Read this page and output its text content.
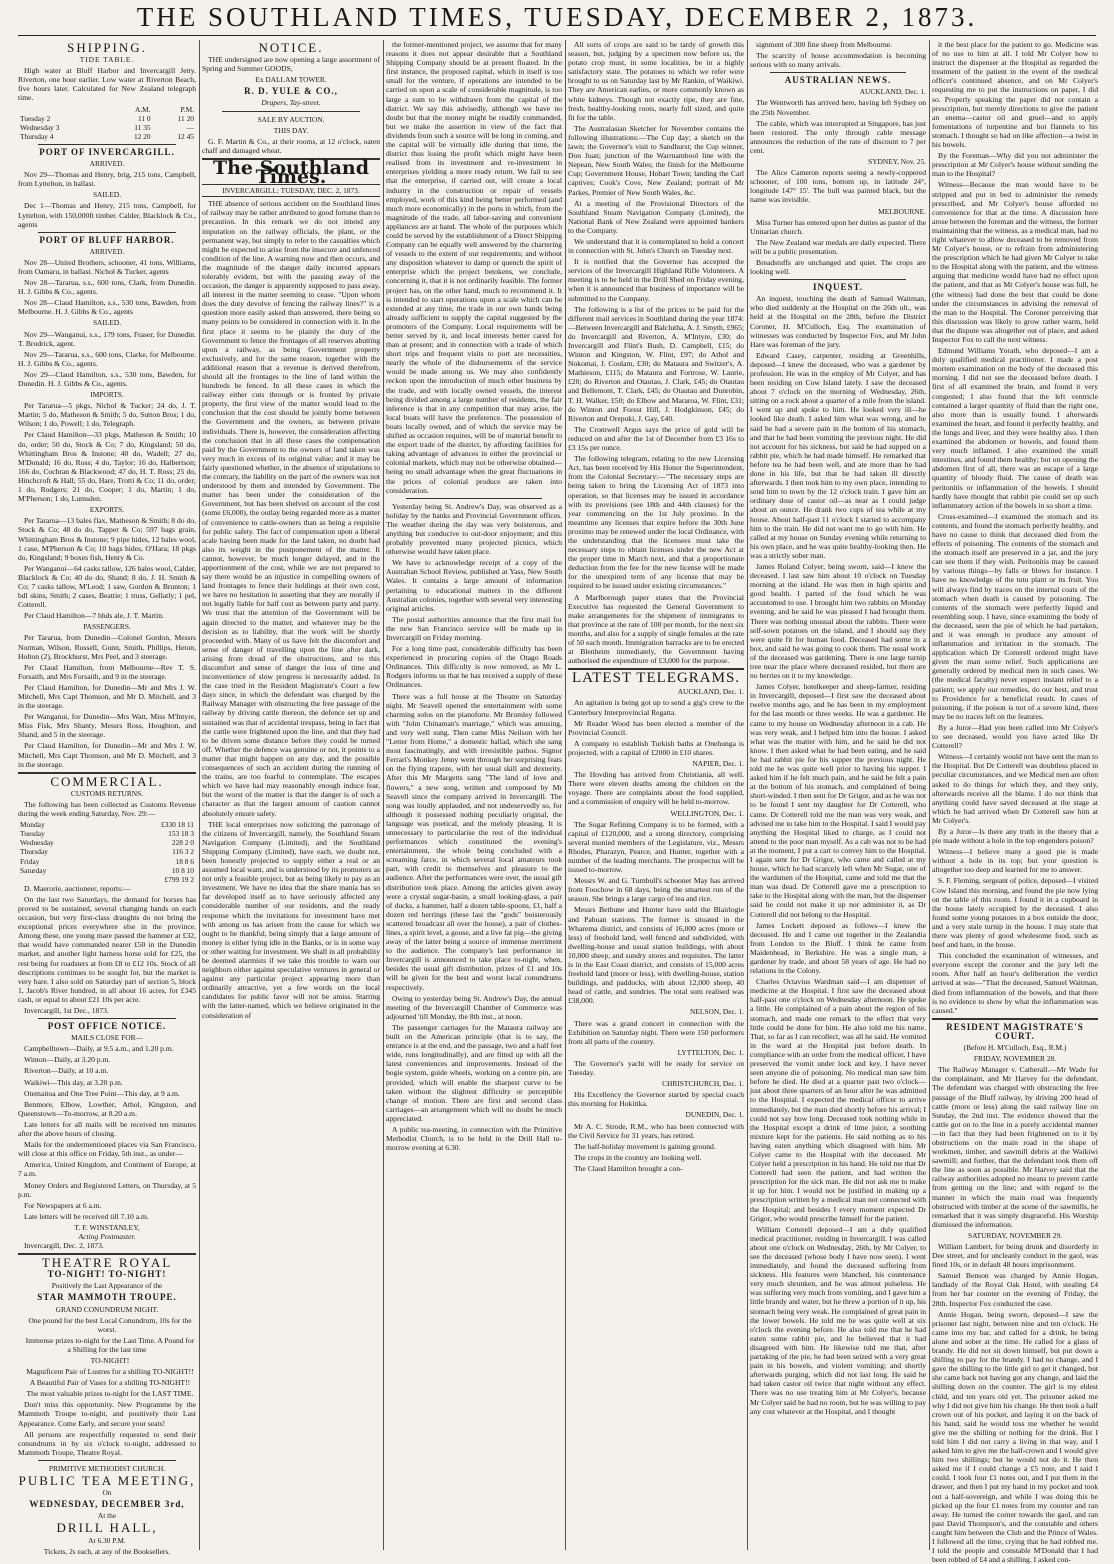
THE SOUTHLAND TIMES, TUESDAY, DECEMBER 2, 1873.
SHIPPING.
TIDE TABLE.

High water at Bluff Harbor and Invercargill Jetty. Riverton, one hour earlier. Low water at Riverton Beach, five hours later. Calculated for New Zealand telegraph time.

	A.M.	P.M.
Tuesday 2	11 0	11 20
Wednesday 3	11 35	—
Thursday 4	12 20	12 45
PORT OF INVERCARGILL.
ARRIVED.

Nov 29—Thomas and Henry, brig, 215 tons, Campbell, from Lyttelton, in ballast.

SAILED.

Dec 1—Thomas and Henry, 215 tons, Campbell, for Lyttelton, with 150,000ft timber. Calder, Blacklock & Co., agents

PORT OF BLUFF HARBOR.
ARRIVED.

Nov 28—United Brothers, schooner, 41 tons, Williams, from Oamaru, in ballast. Nichol & Tucker, agents

Nov 28—Tararua, s.s., 600 tons, Clark, from Dunedin. H. J. Gibbs & Co., agents.

Nov 28—Claud Hamilton, s.s., 530 tons, Bawden, from Melbourne. H. J. Gibbs & Co., agents

SAILED.

Nov 29—Wanganui, s.s., 179 tons, Fraser, for Dunedin. T. Brodrick, agent.

Nov 29—Tararua, s.s., 600 tons, Clarke, for Melbourne. H. J. Gibbs & Co., agents.

Nov 29—Claud Hamilton, s.s., 530 tons, Bawden, for Dunedin. H. J. Gibbs & Co., agents.

IMPORTS.

Per Tararua—5 pkgs, Nichol & Tucker; 24 do, J. T. Martin; 5 do, Matheson & Smith; 5 do, Sutton Bros; 1 do, Wilson; 1 do, Powell; 1 do, Telegraph.

Per Claud Hamilton—33 pkgs, Matheson & Smith; 10 do, order; 50 do, Stock & Co; 7 do, Kingsland; 50 do, Whittingham Bros & Instone; 40 do, Wadell; 27 do, M'Donald; 16 do, Ross; 4 do, Taylor; 16 do, Halbertson; 166 do, Cochran & Blackwood; 47 do, H. T. Ross; 25 do, Hinchcroft & Hall; 55 do, Hare, Trotti & Co; 11 do, order; 1 do, Rodgers; 21 do, Cooper; 1 do, Martin; 1 do, M'Pherson; 1 do, Lumsden.

EXPORTS.

Per Tararua—13 bales flax, Matheson & Smith; 8 do do, Stock & Co; 48 do do, Tapper & Co; 597 bags grain, Whittingham Bros & Instone; 9 pipe hides, 12 bales wool, 1 case, M'Pherson & Co; 10 bags hides, O'Hara; 18 pkgs do, Kingsland; 9 boxes fish, Henry & Co.

Per Wanganui—64 casks tallow, 126 bales wool, Calder, Blacklock & Co; 40 do do, Shand; 8 do, J. H. Smith & Co; 7 casks tallow, M'Leod; 1 saw, Gordon & Brunton; 1 bdl skins, Smith; 2 cases, Beattie; 1 truss, Gellatly; 1 pel, Cotterell.

Per Claud Hamilton—7 hhds ale, J. T. Martin.

PASSENGERS.

Per Tararua, from Dunedin—Colonel Gordon, Messrs Norman, Wilson, Russell, Gunn, Smith, Phillips, Heton, Holton (2), Brockhurst, Mrs Peel, and 3 steerage.

Per Claud Hamilton, from Melbourne—Rev T. S. Forsaith, and Mrs Forsaith, and 9 in the steerage.

Per Claud Hamilton, for Dunedin—Mr and Mrs J. W. Mitchell, Mrs Capt Thomson, and Mr D. Mitchell, and 3 in the steerage.

Per Wanganui, for Dunedin—Mrs Watt, Miss M'Intyre, Miss Fisk, Mrs Shanty, Messrs Ross, Houghton, and Shand, and 5 in the steerage.

Per Claud Hamilton, for Dunedin—Mr and Mrs J. W. Mitchell, Mrs Capt Thomson, and Mr D. Mitchell, and 3 in the steerage.

COMMERCIAL.
CUSTOMS RETURNS.

The following has been collected as Customs Revenue during the week ending Saturday, Nov. 29:—

Monday	£330 18 11
Tuesday	153 18 3
Wednesday	228 2 0
Thursday	116 3 2
Friday	18 8 6
Saturday	10 8 10
	£799 19 2

D. Maerorie, auctioneer, reports:—

On the last two Saturdays, the demand for horses has proved to be sustained, several changing hands on each occasion, but very first-class draughts do not bring the exceptional prices everywhere else in the province. Among these, one young mare passed the hammer at £32, that would have commanded nearer £50 in the Dunedin market, and another light harness horse sold for £25, the rest being for roadsters at from £8 to £12 10s. Stock of all descriptions continues to be sought for, but the market is very bare. I also sold on Saturday part of section 5, block 1, Jacob's River hundred, in all about 16 acres, for £345 cash, or equal to about £21 10s per acre.

Invercargill, 1st Dec., 1873.

POST OFFICE NOTICE.
MAILS CLOSE FOR—

Campbelltown—Daily, at 9.5 a.m., and 1.20 p.m.

Winton—Daily, at 3.20 p.m.

Riverton—Daily, at 10 a.m.

Waikiwi—This day, at 3.20 p.m.

Otemaitoa and One Tree Point—This day, at 9 a.m.

Benmore, Elbow, Lowther, Athol, Kingston, and Queenstown—To-morrow, at 8.20 a.m.

Late letters for all mails will be received ten minutes after the above hours of closing.

Mails for the undermentioned places via San Francisco, will close at this office on Friday, 5th inst., as under—

America, United Kingdom, and Continent of Europe, at 7 a.m.

Money Orders and Registered Letters, on Thursday, at 5 p.m.

For Newspapers at 6 a.m.

Late letters will be received till 7.10 a.m.

T. F. WINSTANLEY,
Acting Postmaster.

Invercargill, Dec. 2, 1873.

THEATRE ROYAL
TO-NIGHT! TO-NIGHT!
Positively the Last Appearance of the
STAR MAMMOTH TROUPE.
GRAND CONUNDRUM NIGHT.

One pound for the best Local Conundrum, 10s for the worst.

Immense prizes to-night for the Last Time. A Pound for a Shilling for the last time

TO-NIGHT!

Magnificent Pair of Lustres for a shilling TO-NIGHT!!

A Beautiful Pair of Vases for a shilling TO-NIGHT!!

The most valuable prizes to-night for the LAST TIME.

Don't miss this opportunity. New Programme by the Mammoth Troupe to-night, and positively their Last Appearance. Come Early, and secure your seats!

All persons are respectfully requested to send their conundrums in by six o'clock to-night, addressed to Mammoth Troupe, Theatre Royal.

PRIMITIVE METHODIST CHURCH.
PUBLIC TEA MEETING,
On
WEDNESDAY, DECEMBER 3rd,
At the
DRILL HALL,
At 6.30 P.M.
Tickets, 2s each, at any of the Booksellers.
NOTICE.

THE undersigned are now opening a large assortment of Spring and Summer GOODS,

Ex DALLAM TOWER.
R. D. YULE & CO.,
Drapers, Tay-street.
SALE BY AUCTION.
THIS DAY.

G. F. Martin & Co., at their rooms, at 12 o'clock, oaten chaff and damaged wheat.

The Southland Times.
INVERCARGILL: TUESDAY, DEC. 2, 1873.

THE absence of serious accident on the Southland lines of railway may be rather attributed to good fortune than to precaution. In this remark we do not intend any imputation on the railway officials, the plant, or the permanent way, but simply to refer to the casualties which might be expected to arise from the insecure and unfenced condition of the line. A warning now and then occurs, and the magnitude of the danger daily incurred appears tolerably evident, but with the passing away of the occasion, the danger is apparently supposed to pass away, all interest in the matter seeming to cease. "Upon whom does the duty devolve of fencing the railway lines?" is a question more easily asked than answered, there being so many points to be considered in connection with it. In the first place it seems to be plainly the duty of the Government to fence the frontages of all reserves abutting upon a railway, as being Government property exclusively, and for the same reason, together with the additional reason that a revenue is derived therefrom, should all the frontages to the line of land within the hundreds be fenced. In all these cases in which the railway either cuts through or is fronted by private property, the first view of the matter would lead to the conclusion that the cost should be jointly borne between the Government and the owners, as between private individuals. There is, however, the consideration affecting the conclusion that in all these cases the compensation paid by the Government to the owners of land taken was very much in excess of its original value; and it may be fairly questioned whether, in the absence of stipulations to the contrary, the liability on the part of the owners was not understood by them and intended by Government. The matter has been under the consideration of the Government, but has been shelved on account of the cost (some £6,000), the outlay being regarded more as a matter of convenience to cattle-owners than as being a requisite for public safety. The fact of compensation upon a liberal scale having been made for the land taken, no doubt had also its weight in the postponement of the matter. It cannot, however, be much longer delayed, and in the apportionment of the cost, while we are not prepared to say there would be an injustice in compelling owners of land frontages to fence their holdings at their own cost, we have no hesitation in asserting that they are morally if not legally liable for half cost as between party and party. We trust that the attention of the Government will be again directed to the matter, and whatever may be the decision as to liability, that the work will be shortly proceeded with. Many of us have felt the discomfort and sense of danger of travelling upon the line after dark, arising from dread of the obstructions, and to this discomfort and sense of danger the loss of time and inconvenience of slow progress is necessarily added. In the case tried in the Resident Magistrate's Court a few days since, in which the defendant was charged by the Railway Manager with obstructing the free passage of the railway by driving cattle thereon, the defence set up and sustained was that of accidental trespass, being in fact that the cattle were frightened upon the line, and that they had to be driven some distance before they could be turned off. Whether the defence was genuine or not, it points to a matter that might happen on any day, and the possible consequences of such an accident during the running of the trains, are too fearful to contemplate. The escapes which we have had may reasonably enough induce fear, but the worst of the matter is that the danger is of such a character as that the largest amount of caution cannot absolutely ensure safety.

THE local enterprises now soliciting the patronage of the citizens of Invercargill, namely, the Southland Steam Navigation Company (Limited), and the Southland Shipping Company (Limited), have each, we doubt not, been honestly projected to supply either a real or an assumed local want, and is understood by its promoters as not only a feasible project, but as being likely to pay as an investment. We have no idea that the share mania has so far developed itself as to have seriously affected any considerable number of our residents, and the ready response which the invitations for investment have met with among us has arisen from the cause for which we ought to be thankful, being simply that a large amount of money is either lying idle in the Banks, or is in some way or other waiting for investment. We shall in all probability be deemed alarmists if we take this trouble to warn our neighbors either against speculative ventures in general or against any particular project appearing more than ordinarily attractive, yet a few words on the local candidates for public favor will not be amiss. Starting with the latter-named, which we believe originated in the consideration of

the former-mentioned project, we assume that for many reasons it does not appear desirable that a Southland Shipping Company should be at present floated. In the first instance, the proposed capital, which in itself is too small for the venture, if operations are intended to be carried on upon a scale of considerable magnitude, is too large a sum to be withdrawn from the capital of the district. We say this advisedly, although we have no doubt but that the money might be readily commanded, but we make the assertion in view of the fact that dividends from such a source will be long in coming, and the capital will be virtually idle during that time, the district thus losing the profit which might have been realised from its investment and re-investment in enterprises yielding a more ready return. We fail to see that the enterprise, if carried out, will create a local industry in the construction or repair of vessels employed, work of this kind being better performed (and much more economically) in the ports in which, from the magnitude of the trade, all labor-saving and convenient appliances are at hand. The whole of the purposes which could be served by the establishment of a Direct Shipping Company can be equally well answered by the chartering of vessels to the extent of our requirements; and without any disposition whatever to damp or quench the spirit of enterprise which the project betokens, we conclude, concerning it, that it is not ordinarily feasible. The former project has, on the other hand, much to recommend it. It is intended to start operations upon a scale which can be extended at any time, the trade in our own hands being already sufficient to supply the capital suggested by the promoters of the Company. Local requirements will be better served by it, and local interests better cared for than at present; and in connection with a trade of which short trips and frequent visits to port are necessities, nearly the whole of the disbursements of the service would be made among us. We may also confidently reckon upon the introduction of much other business by the trade, and with locally owned vessels, the interest being divided among a large number of residents, the fair inference is that in any competition that may arise, the local boats will have the preference. The possession of boats locally owned, and of which the service may be shifted as occasion requires, will be of material benefit to the export trade of the district, by affording facilities for taking advantage of advances in either the provincial or colonial markets, which may not be otherwise obtained—being no small advantage when the great fluctuations in the prices of colonial produce are taken into consideration.

Yesterday being St. Andrew's Day, was observed as a holiday by the banks and Provincial Government offices. The weather during the day was very boisterous, and anything but conducive to out-door enjoyment; and this probably prevented many projected picnics, which otherwise would have taken place.

We have to acknowledge receipt of a copy of the Australian School Review, published at Yass, New South Wales. It contains a large amount of information pertaining to educational matters in the different Australian colonies, together with several very interesting original articles.

The postal authorities announce that the first mail for the new San Francisco service will be made up in Invercargill on Friday morning.

For a long time past, considerable difficulty has been experienced in procuring copies of the Otago Roads Ordinances. This difficulty is now removed, as Mr L. Rodgers informs us that he has received a supply of these Ordinances.

There was a full house at the Theatre on Saturday night. Mr Seavell opened the entertainment with some charming solos on the pianoforte. Mr Bromley followed with "John Chinaman's marriage," which was amusing, and very well sung. Then came Miss Neilson with her "Letter from Home," a domestic ballad, which she sang most fascinatingly, and with irresistible pathos. Signor Ferrari's Monkey Jenny went through her surprising feats on the flying trapeze, with her usual skill and dexterity. After this Mr Margetts sang "The land of love and flowers," a new song, written and composed by Mr Seavell since the company arrived in Invercargill. The song was loudly applauded, and not undeservedly so, for although it possessed nothing peculiarly original, the language was poetical, and the melody pleasing. It is unnecessary to particularise the rest of the individual performances which constituted the evening's entertainment, the whole being concluded with a screaming farce, in which several local amateurs took part, with credit to themselves and pleasure to the audience. After the performances were over, the usual gift distribution took place. Among the articles given away were a crystal sugar-basin, a small looking-glass, a pair of ducks, a hammer, half a dozen table-spoons, £1, half a dozen red herrings (these last the "gods" boisterously scattered broadcast all over the house), a pair of clothes-lines, a spirit level, a goose, and a live fat pig—the giving away of the latter being a source of immense merriment to the audience. The company's last performance in Invercargill is announced to take place to-night, when, besides the usual gift distribution, prizes of £1 and 10s will be given for the best and worst local conundrums respectively.

Owing to yesterday being St. Andrew's Day, the annual meeting of the Invercargill Chamber of Commerce was adjourned 'till Monday, the 8th inst., at noon.

The passenger carriages for the Mataura railway are built on the American principle (that is to say, the entrance is at the end, and the passage, two and a half feet wide, runs longitudinally), and are fitted up with all the latest conveniences and improvements. Instead of the bogie system, guide wheels, working on a centre pin, are provided, which will enable the sharpest curve to be taken without the slightest difficulty or perceptible change of motion. There are first and second class carriages—an arrangement which will no doubt be much appreciated.

A public tea-meeting, in connection with the Primitive Methodist Church, is to be held in the Drill Hall to-morrow evening at 6.30.

All sorts of crops are said to be tardy of growth this season, but, judging by a specimen now before us, the potato crop must, in some localities, be in a highly satisfactory state. The potatoes to which we refer were brought to us on Saturday last by Mr Rankin, of Waikiwi. They are American earlies, or more commonly known as white kidneys. Though not exactly ripe, they are fine, fresh, healthy-looking roots, nearly full sized, and quite fit for the table.

The Australasian Sketcher for November contains the following illustrations:—The Cup day; a sketch on the lawn; the Governor's visit to Sandhurst; the Cup winner, Don Juan; junction of the Warrnambool line with the Nepean, New South Wales; the finish for the Melbourne Cup; Government House, Hobart Town; landing the Carl captives; Cook's Cove, New Zealand; portrait of Mr Parkes, Premier of New South Wales, &c.

At a meeting of the Provisional Directors of the Southland Steam Navigation Company (Limited), the National Bank of New Zealand were appointed bankers to the Company.

We understand that it is contemplated to hold a concert in connection with St. John's Church on Tuesday next.

It is notified that the Governor has accepted the services of the Invercargill Highland Rifle Volunteers. A meeting is to be held in the Drill Shed on Friday evening, when it is announced that business of importance will be submitted to the Company.

The following is a list of the prices to be paid for the different mail services in Southland during the year 1874:—Between Invercargill and Balclutha, A. J. Smyth, £965; do Invercargill and Riverton, A. M'Intyre, £30; do Invercargill and Flint's Bush, D. Campbell, £15; do Winton and Kingston, W. Flint, £97; do Athol and Nokomai, J. Coulam, £30; do Mataura and Switzer's, A. Mathieson, £115; do Mataura and Fortrose, W. Laurie, £20; do Riverton and Otautau, J. Clark, £45; do Otautau and Bellemont, T. Clark, £45; do Otautau and Dunrobin, T. H. Walker, £50; do Elbow and Mararoa, W. Flint, £31; do Winton and Forest Hill, J. Hodgkinson, £45; do Riverton and Orepuki, J. Gay, £40.

The Cromwell Argus says the price of gold will be reduced on and after the 1st of December from £3 16s to £3 15s per ounce.

The following telegram, relating to the new Licensing Act, has been received by His Honor the Superintendent, from the Colonial Secretary:—"The necessary steps are being taken to bring the Licensing Act of 1873 into operation, so that licenses may be issued in accordance with its provisions (see 18th and 44th clauses) for the year commencing on the 1st July proximo. In the meantime any licenses that expire before the 30th June proximo may be renewed under the local Ordinance, with the understanding that the licensees must take the necessary steps to obtain licenses under the new Act at the proper time in March next, and that a proportionate deduction from the fee for the new license will be made for the unexpired term of any license that may be required to be issued under existing circumstances."

A Marlborough paper states that the Provincial Executive has requested the General Government to make arrangements for the shipment of immigrants to that province at the rate of 100 per month, for the next six months, and also for a supply of single females at the rate of 50 each month. Immigration barracks are to be erected at Blenheim immediately, the Government having authorised the expenditure of £3,000 for the purpose.

LATEST TELEGRAMS.
AUCKLAND, Dec. 1.

An agitation is being got up to send a gig's crew to the Canterbury Interprovincial Regatta.

Mr Reader Wood has been elected a member of the Provincial Council.

A company to establish Turkish baths at Onehunga is projected, with a capital of £2000 in £10 shares.

NAPIER, Dec. 1.

The Hovding has arrived from Christiania, all well. There were eleven deaths among the children on the voyage. There are complaints about the food supplied, and a commission of enquiry will be held to-morrow.

WELLINGTON, Dec. 1.

The Sugar Refining Company is to be formed, with a capital of £120,000, and a strong directory, comprising several monied members of the Legislature, viz., Messrs Rhodes, Pharazyn, Pearce, and Hunter, together with a number of the leading merchants. The prospectus will be issued to-morrow.

Messrs W. and G. Turnbull's schooner May has arrived from Foochow in 68 days, being the smartest run of the season. She brings a large cargo of tea and rice.

Messrs Bethune and Hunter have sold the Blairlogie and Pahuan stations. The former is situated in the Wharema district, and consists of 16,000 acres (more or less) of freehold land, well fenced and subdivided, with dwelling-house and usual station buildings, with about 10,000 sheep, and sundry stores and requisites. The latter is in the East Coast district, and consists of 15,000 acres freehold land (more or less), with dwelling-house, station buildings, and paddocks, with about 12,000 sheep, 40 head of cattle, and sundries. The total sum realised was £38,000.

NELSON, Dec. 1.

There was a grand concert in connection with the Exhibition on Saturday night. There were 150 performers from all parts of the country.

LYTTELTON, Dec. 1.

The Governor's yacht will be ready for service on Tuesday.

CHRISTCHURCH, Dec. 1.

His Excellency the Governor started by special coach this morning for Hokitika.

DUNEDIN, Dec. 1.

Mr A. C. Strode, R.M., who has been connected with the Civil Service for 31 years, has retired.

The half-holiday movement is gaining ground.

The crops in the country are looking well.

The Claud Hamilton brought a con-

signment of 300 fine sheep from Melbourne.

The scarcity of house accommodation is becoming serious with so many arrivals.

AUSTRALIAN NEWS.
AUCKLAND, Dec. 1.

The Wentworth has arrived here, having left Sydney on the 25th November.

The cable, which was interrupted at Singapore, has just been restored. The only through cable message announces the reduction of the rate of discount to 7 per cent.

SYDNEY, Nov. 25.

The Alice Cameron reports seeing a newly-coppered schooner, of 100 tons, bottom up, in latitude 24°, longitude 147° 15'. The hull was painted black, but the name was invisible.

MELBOURNE.

Miss Turner has entered upon her duties as pastor of the Unitarian church.

The New Zealand war medals are daily expected. There will be a public presentation.

Breadstuffs are unchanged and quiet. The crops are looking well.

INQUEST.

An inquest, touching the death of Samuel Waitman, who died suddenly at the Hospital on the 26th ult., was held at the Hospital on the 28th, before the District Coroner, H. M'Culloch, Esq. The examination of witnesses was conducted by Inspector Fox, and Mr John Hare was foreman of the jury.

Edward Casey, carpenter, residing at Greenhills, deposed—I knew the deceased, who was a gardener by profession. He was in the employ of Mr Colyer, and has been residing on Cow Island lately. I saw the deceased about 7 o'clock on the morning of Wednesday, 26th, sitting on a rock about a quarter of a mile from the island. I went up and spoke to him. He looked very ill—he looked like death. I asked him what was wrong, and he said he had a severe pain in the bottom of his stomach, and that he had been vomiting the previous night. He did not account for his sickness, but said he had supped on a rabbit pie, which he had made himself. He remarked that before tea he had been well, and ate more than he had done in his life, but that he had taken ill directly afterwards. I then took him to my own place, intending to send him to town by the 12 o'clock train. I gave him an ordinary dose of castor oil—as near as I could judge about an ounce. He drank two cups of tea while at my house. About half-past 11 o'clock I started to accompany him to the train. He did not want me to go with him. He called at my house on Sunday evening while returning to his own place, and he was quite healthy-looking then. He was a strictly sober man.

James Roland Colyer, being sworn, said—I knew the deceased. I last saw him about 10 o'clock on Tuesday morning at the island. He was then in high spirits and good health. I parted of the food which he was accustomed to use. I brought him two rabbits on Monday evening, and he said he was pleased I had brought them. There was nothing unusual about the rabbits. There were self-sown potatoes on the island, and I should say they were quite fit for human food. Deceased had some in a box, and said he was going to cook them. The usual work of the deceased was gardening. There is one large turnip tree near the place where deceased resided, but there are no berries on it to my knowledge.

James Colyer, hotelkeeper and sheep-farmer, residing in Invercargill, deposed—I first saw the deceased about twelve months ago, and he has been in my employment for the last month or three weeks. He was a gardener. He came to my house on Wednesday afternoon in a cab. He was very weak, and I helped him into the house. I asked what was the matter with him, and he said he did not know. I then asked what he had been eating, and he said he had rabbit pie for his supper the previous night. He told me he was quite well prior to having his supper. I asked him if he felt much pain, and he said he felt a pain at the bottom of his stomach, and complained of being short-winded. I then sent for Dr Grigor, and as he was not to be found I sent my daughter for Dr Cotterell, who came. Dr Cotterell told me the man was very weak, and advised me to take him to the Hospital. I said I would pay anything the Hospital liked to charge, as I could not attend to the poor man myself. As a cab was not to be had at the moment, I put a cart to convey him to the Hospital. I again sent for Dr Grigor, who came and called at my house, which he had scarcely left when Mr Sugar, one of the wardsmen of the Hospital, came and told me that the man was dead. Dr Cotterell gave me a prescription to take to the Hospital along with the man, but the dispenser said he could not make it up nor administer it, as Dr Cotterell did not belong to the Hospital.

James Lockett deposed as follows—I knew the deceased. He and I came out together in the Zealandia from London to the Bluff. I think he came from Maidenhead, in Berkshire. He was a single man, a gardener by trade, and about 58 years of age. He had no relations in the Colony.

Charles Octavius Wardman said—I am dispenser of medicine at the Hospital. I first saw the deceased about half-past one o'clock on Wednesday afternoon. He spoke a little. He complained of a pain about the region of his stomach, and made one remark to the effect that very little could be done for him. He also told me his name. That, so far as I can recollect, was all he said. He vomited in the ward at the Hospital just before death. In compliance with an order from the medical officer, I have preserved the vomit under lock and key. I have never seen anyone die of poisoning. No medical man saw him before he died. He died at a quarter past two o'clock—just about three quarters of an hour after he was admitted to the Hospital. I expected the medical officer to arrive immediately, but the man died shortly before his arrival; I could not say how long. Deceased took nothing while in the Hospital except a drink of lime juice, a soothing mixture kept for the patients. He said nothing as to his having eaten anything which disagreed with him. Mr Colyer came to the Hospital with the deceased. Mr Colyer held a prescription in his hand. He told me that Dr Cotterell had seen the patient, and had written the prescription for the sick man. He did not ask me to make it up for him. I would not be justified in making up a prescription written by a medical man not connected with the Hospital; and besides I every moment expected Dr Grigor, who would prescribe himself for the patient.

William Cotterell deposed—I am a duly qualified medical practitioner, residing in Invercargill. I was called about one o'clock on Wednesday, 26th, by Mr Colyer, to see the deceased (whose body I have now seen). I went immediately, and found the deceased suffering from sickness. His features were blanched, his countenance very much shrunken, and he was almost pulseless. He was suffering very much from vomiting, and I gave him a little brandy and water, but he threw a portion of it up, his stomach being very weak. He complained of great pain in the lower bowels. He told me he was quite well at six o'clock the evening before. He also told me that he had eaten some rabbit pie, and he believed that it had disagreed with him. He likewise told me that, after partaking of the pie, he had been seized with a very great pain in his bowels, and violent vomiting; and shortly afterwards purging, which did not last long. He said he had taken castor oil twice that night without any effect. There was no use treating him at Mr Colyer's, because Mr Colyer said he had no room, but he was willing to pay any cost whatever at the Hospital, and I thought

it the best place for the patient to go. Medicine was of no use to him at all. I told Mr Colyer how to instruct the dispenser at the Hospital as regarded the treatment of the patient in the event of the medical officer's continued absence, and on Mr Colyer's requesting me to put the instructions on paper, I did so. Properly speaking the paper did not contain a prescription, but merely directions to give the patient an enema—castor oil and gruel—and to apply fomentations of turpentine and hot flannels to his stomach. I thought so bad on like affection—a twist in his bowels.

By the Foreman—Why did you not administer the prescription at Mr Colyer's house without sending the man to the Hospital?

Witness—Because the man would have to be stripped and put in bed to administer the remedy prescribed, and Mr Colyer's house afforded no convenience for that at the time. A discussion here arose between the foreman and the witness, the former maintaining that the witness, as a medical man, had no right whatever to allow deceased to be removed from Mr Colyer's house, or to refrain from administering the prescription which he had given Mr Colyer to take to the Hospital along with the patient, and the witness arguing that medicine would have had no effect upon the patient, and that as Mr Colyer's house was full, he (the witness) had done the best that could be done under the circumstances in advising the removal of the man to the Hospital. The Coroner perceiving that this discussion was likely to grow rather warm, held that the dispute was altogether out of place, and asked Inspector Fox to call the next witness.

Edmund Williams Yorath, who deposed—I am a duly qualified medical practitioner. I made a post mortem examination on the body of the deceased this morning. I did not see the deceased before death. I first of all examined the brain, and found it very congested; I also found that the left ventricle contained a larger quantity of fluid than the right one, also more than is usually found. I afterwards examined the heart, and found it perfectly healthy, and the lungs and liver, and they were healthy also. I then examined the abdomen or bowels, and found them very much inflamed. I also examined the small intestines, and found them healthy; but on opening the abdomen first of all, there was an escape of a large quantity of bloody fluid. The cause of death was peritonitis or inflammation of the bowels. I should hardly have thought that rabbit pie could set up such inflammatory action of the bowels in so short a time.

Cross-examined—I examined the stomach and its contents, and found the stomach perfectly healthy, and have no cause to think that deceased died from the effects of poisoning. The contents of the stomach and the stomach itself are preserved in a jar, and the jury can see them if they wish. Peritonitis may be caused by various things—by falls or blows for instance. I have no knowledge of the tutu plant or its fruit. You will always find by traces on the internal coats of the stomach when death is caused by poisoning. The contents of the stomach were perfectly liquid and resembling soup. I have, since examining the body of the deceased, seen the pie of which he had partaken, and it was enough to produce any amount of inflammation and irritation in the stomach. The application which Dr Cotterell ordered might have given the man some relief. Such applications are generally ordered by medical men in such cases. We (the medical faculty) never expect instant relief to a patient; we apply our remedies, do our best, and trust to Providence for a beneficial result. In cases of poisoning, if the poison is not of a severe kind, there may be no traces left on the features.

By a Juror—Had you been called into Mr Colyer's to see deceased, would you have acted like Dr Cotterell?

Witness—I certainly would not have sent the man to the Hospital. But Dr Cotterell was doubtless placed in peculiar circumstances, and we Medical men are often asked to do things for which they, and they only, afterwards receive all the blame. I do not think that anything could have saved deceased at the stage at which he had arrived when Dr Cotterell saw him at Mr Colyer's.

By a Juror—Is there any truth in the theory that a pie made without a hole in the top engenders poison?

Witness—I believe many a good pie is made without a hole in its top; but your question is altogether too deep and learned for me to answer.

S. F. Fleming, sergeant of police, deposed—I visited Cow Island this morning, and found the pie now lying on the table of this room. I found it in a cupboard in the house lately occupied by the deceased. I also found some young potatoes in a box outside the door, and a very stale turnip in the house. I may state that there was plenty of good wholesome food, such as beef and ham, in the house.

This concluded the examination of witnesses, and everyone except the coroner and the jury left the room. After half an hour's deliberation the verdict arrived at was—"That the deceased, Samuel Waitman, died from inflammation of the bowels, and that there is no evidence to show by what the inflammation was caused."

RESIDENT MAGISTRATE'S COURT.
(Before H. M'Culloch, Esq., R.M.)
FRIDAY, NOVEMBER 28.

The Railway Manager v. Catherall.—Mr Wade for the complainant, and Mr Harvey for the defendant. The defendant was charged with obstructing the free passage of the Bluff railway, by driving 200 head of cattle (more or less) along the said railway line on Sunday, the 2nd inst. The evidence showed that the cattle got on to the line in a purely accidental manner—in fact that they had been frightened on to it by obstructions on the main road in the shape of workmen, timber, and sawmill debris at the Waikiwi sawmill; and further, that the defendant took them off the line as soon as possible. Mr Harvey said that the railway authorities adopted no means to prevent cattle from getting on the line; and with regard to the manner in which the main road was frequently obstructed with timber at the scene of the sawmills, he remarked that it was simply disgraceful. His Worship dismissed the information.

SATURDAY, NOVEMBER 29.

William Lambert, for being drunk and disorderly in Dee street, and for uncleanly conduct in the gaol, was fined 10s, or in default 48 hours imprisonment.

Samuel Benson was charged by Annie Hogan, landlady of the Royal Oak Hotel, with stealing £4 from her bar counter on the evening of Friday, the 28th. Inspector Fox conducted the case.

Annie Hogan, being sworn, deposed—I saw the prisoner last night, between nine and ten o'clock. He came into my bar, and called for a drink, he being alone and sober at the time. He called for a glass of brandy. He did not sit down himself, but put down a shilling to pay for the brandy. I had no change, and I gave the shilling to the little girl to get it changed, but she came back not having got any change, and laid the shilling down on the counter. The girl is my eldest child, and ten years old yet. The prisoner asked me why I did not give him his change. He then took a half crown out of his pocket, and laying it on the back of his hand, said he would toss me whether he would give me the shilling or nothing for the drink. But I told him I did not carry a living in that way, and I asked him to give me the half-crown and I would give him two shillings; but he would not do it. He then asked me if I could change a £5 note, and I said I could. I took four £1 notes out, and I put them in the drawer, and then I put my hand in my pocket and took out a half-sovereign, and while I was doing this he picked up the four £1 notes from my counter and ran away. He turned the corner towards the gaol, and ran past David Thompson's, and the constable and others caught him between the Club and the Prince of Wales. I followed all the time, crying that he had robbed me. I told the people and constable M'Donald that I had been robbed of £4 and a shilling. I asked con-
